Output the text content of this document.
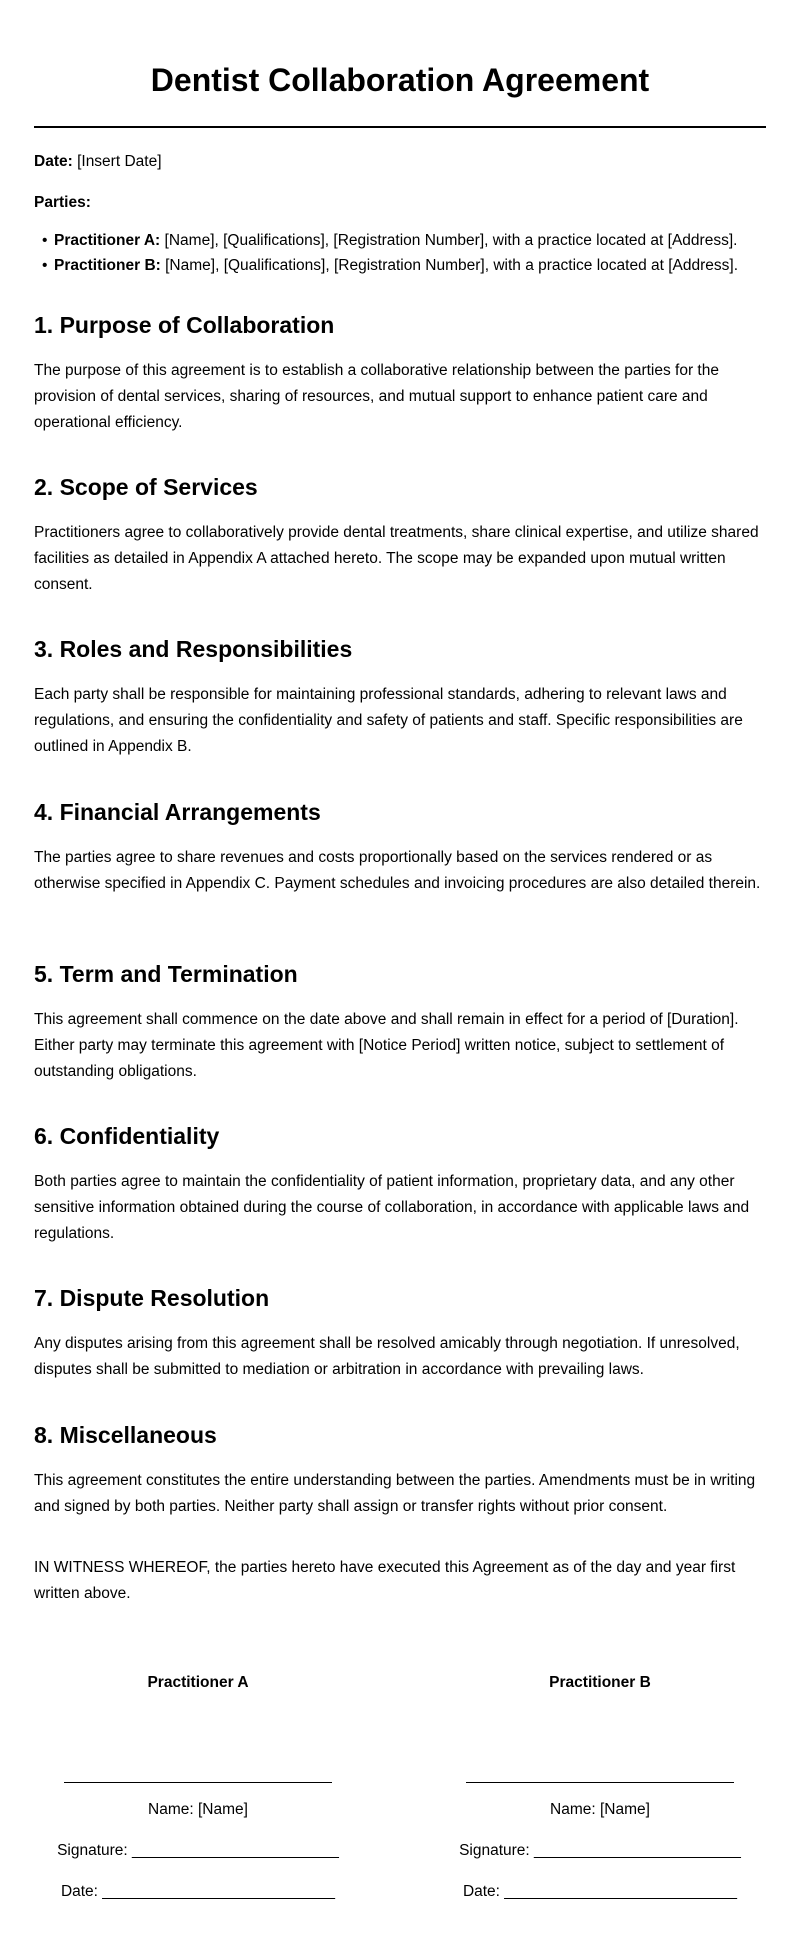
Dentist Collaboration Agreement
Date: [Insert Date]
Parties:
• Practitioner A: [Name], [Qualifications], [Registration Number], with a practice located at [Address].
• Practitioner B: [Name], [Qualifications], [Registration Number], with a practice located at [Address].
1. Purpose of Collaboration

The purpose of this agreement is to establish a collaborative relationship between the parties for the provision of dental services, sharing of resources, and mutual support to enhance patient care and operational efficiency.

2. Scope of Services

Practitioners agree to collaboratively provide dental treatments, share clinical expertise, and utilize shared facilities as detailed in Appendix A attached hereto. The scope may be expanded upon mutual written consent.

3. Roles and Responsibilities

Each party shall be responsible for maintaining professional standards, adhering to relevant laws and regulations, and ensuring the confidentiality and safety of patients and staff. Specific responsibilities are outlined in Appendix B.

4. Financial Arrangements

The parties agree to share revenues and costs proportionally based on the services rendered or as otherwise specified in Appendix C. Payment schedules and invoicing procedures are also detailed therein.

5. Term and Termination

This agreement shall commence on the date above and shall remain in effect for a period of [Duration]. Either party may terminate this agreement with [Notice Period] written notice, subject to settlement of outstanding obligations.

6. Confidentiality

Both parties agree to maintain the confidentiality of patient information, proprietary data, and any other sensitive information obtained during the course of collaboration, in accordance with applicable laws and regulations.

7. Dispute Resolution

Any disputes arising from this agreement shall be resolved amicably through negotiation. If unresolved, disputes shall be submitted to mediation or arbitration in accordance with prevailing laws.

8. Miscellaneous

This agreement constitutes the entire understanding between the parties. Amendments must be in writing and signed by both parties. Neither party shall assign or transfer rights without prior consent.

IN WITNESS WHEREOF, the parties hereto have executed this Agreement as of the day and year first written above.

Practitioner A
Name: [Name]
Signature: ________________________
Date: ___________________________
Practitioner B
Name: [Name]
Signature: ________________________
Date: ___________________________
